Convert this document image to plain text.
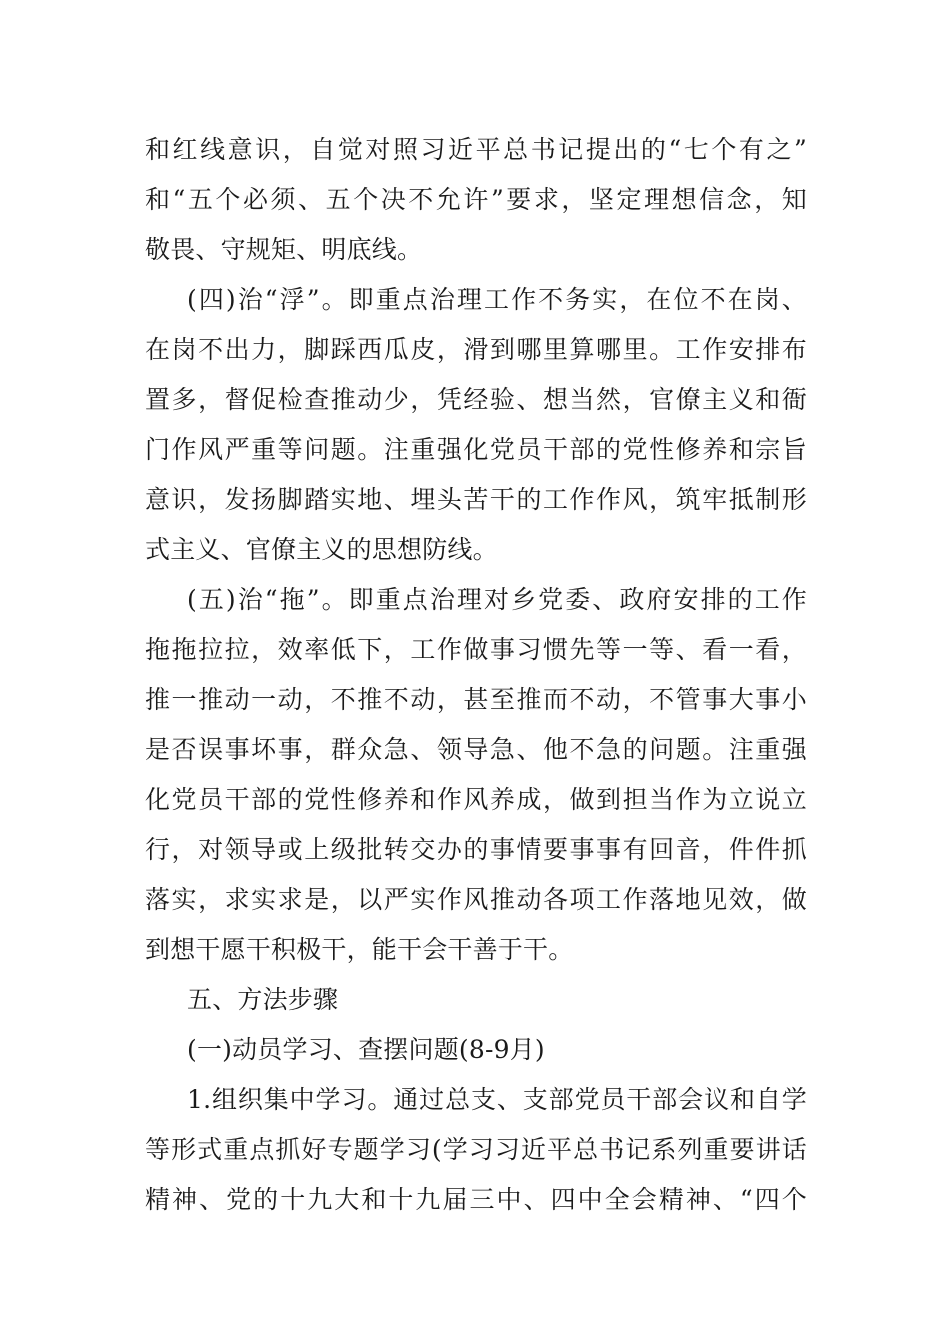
和红线意识，自觉对照习近平总书记提出的“七个有之”
和“五个必须、五个决不允许”要求，坚定理想信念，知
敬畏、守规矩、明底线。
(四)治“浮”。即重点治理工作不务实，在位不在岗、
在岗不出力，脚踩西瓜皮，滑到哪里算哪里。工作安排布
置多，督促检查推动少，凭经验、想当然，官僚主义和衙
门作风严重等问题。注重强化党员干部的党性修养和宗旨
意识，发扬脚踏实地、埋头苦干的工作作风，筑牢抵制形
式主义、官僚主义的思想防线。
(五)治“拖”。即重点治理对乡党委、政府安排的工作
拖拖拉拉，效率低下，工作做事习惯先等一等、看一看，
推一推动一动，不推不动，甚至推而不动，不管事大事小
是否误事坏事，群众急、领导急、他不急的问题。注重强
化党员干部的党性修养和作风养成，做到担当作为立说立
行，对领导或上级批转交办的事情要事事有回音，件件抓
落实，求实求是，以严实作风推动各项工作落地见效，做
到想干愿干积极干，能干会干善于干。
五、方法步骤
(一)动员学习、查摆问题(8-9月)
1.组织集中学习。通过总支、支部党员干部会议和自学
等形式重点抓好专题学习(学习习近平总书记系列重要讲话
精神、党的十九大和十九届三中、四中全会精神、“四个
